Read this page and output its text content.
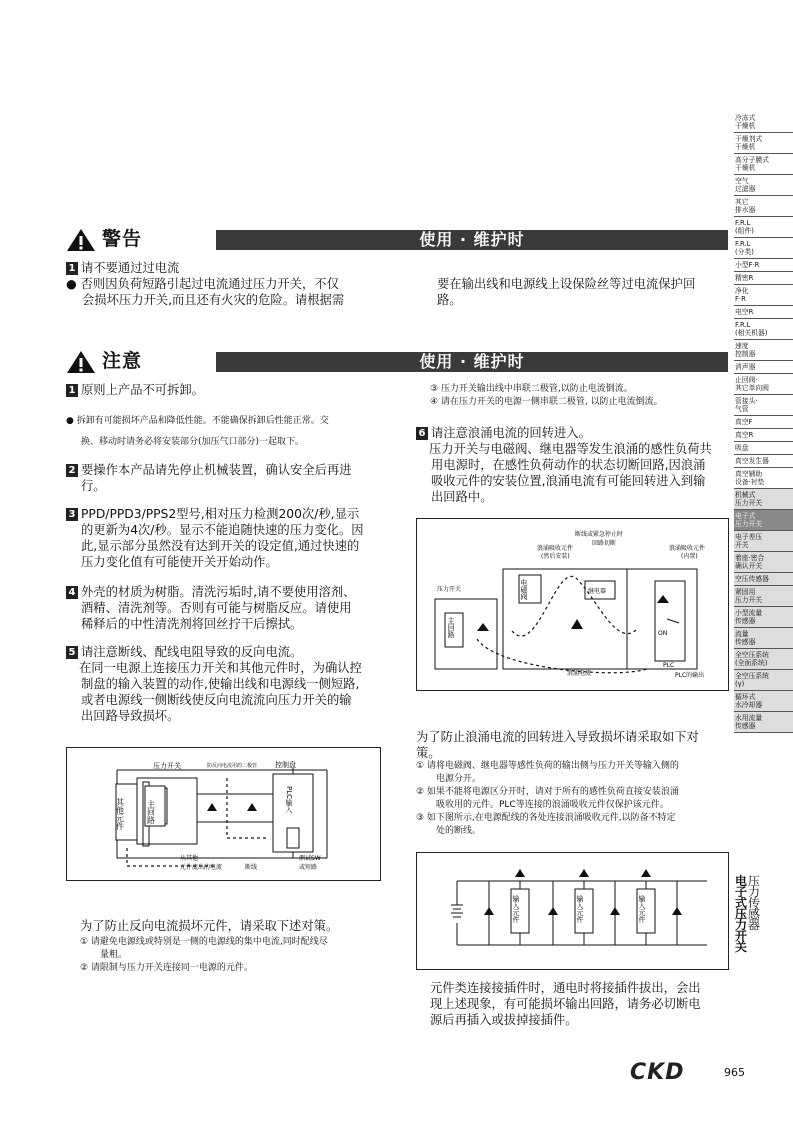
警告	使用 · 维护时
1 请不要通过过电流
● 否则因负荷短路引起过电流通过压力开关，不仅
会损坏压力开关,而且还有火灾的危险。请根据需
要在输出线和电源线上设保险丝等过电流保护回
路。
注意	使用 · 维护时
1 原则上产品不可拆卸。
● 拆卸有可能损坏产品和降低性能。不能确保拆卸后性能正常。交
换、移动时请务必将安装部分(加压气口部分)一起取下。
2 要操作本产品请先停止机械装置，确认安全后再进
行。
3 PPD/PPD3/PPS2型号,相对压力检测200次/秒,显示
的更新为4次/秒。显示不能追随快速的压力变化。因
此,显示部分虽然没有达到开关的设定值,通过快速的
压力变化值有可能使开关开始动作。
4 外壳的材质为树脂。清洗污垢时,请不要使用溶剂、
酒精、清洗剂等。否则有可能与树脂反应。请使用
稀释后的中性清洗剂将回丝拧干后擦拭。
5 请注意断线、配线电阻导致的反向电流。
在同一电源上连接压力开关和其他元件时，为确认控
制盘的输入装置的动作,使输出线和电源线一侧短路,
或者电源线一侧断线使反向电流流向压力开关的输
出回路导致损坏。
压力开关	防反向电流用的二极管	控制盘
其他元件	主回路	PLC输入
从其他
元件流出的电流	断线
测试SW
或短路
为了防止反向电流损坏元件，请采取下述对策。
① 请避免电源线或特别是一侧的电源线的集中电流,同时配线尽
量粗。
② 请限制与压力开关连接同一电源的元件。
③ 压力开关输出线中串联二极管,以防止电流倒流。
④ 请在压力开关的电源一侧串联二极管, 以防止电流倒流。
6 请注意浪涌电流的回转进入。
压力开关与电磁阀、继电器等发生浪涌的感性负荷共
用电源时，在感性负荷动作的状态切断回路,因浪涌
吸收元件的安装位置,浪涌电流有可能回转进入到输
出回路中。
断线或紧急停止时
回路切断
浪涌吸收元件
(然后安装)
浪涌吸收元件
(内置)
压力开关	电磁阀	继电器
主回路	ON
PLC
浪涌电流	PLC的输出
为了防止浪涌电流的回转进入导致损坏请采取如下对
策。
① 请将电磁阀、继电器等感性负荷的输出侧与压力开关等输入侧的
电源分开。
② 如果不能将电源区分开时，请对于所有的感性负荷直接安装浪涌
吸收用的元件。PLC等连接的浪涌吸收元件仅保护该元件。
③ 如下图所示,在电源配线的各处连接浪涌吸收元件,以防备不特定
处的断线。
输入元件	输入元件	输入元件
元件类连接接插件时，通电时将接插件拔出，会出
现上述现象，有可能损坏输出回路，请务必切断电
源后再插入或拔掉接插件。
冷冻式
干燥机
干燥剂式
干燥机
高分子膜式
干燥机
空气
过滤器
其它
排水器
F.R.L
(组件)
F.R.L
(分类)
小型F·R
精密R
净化
F·R
电空R
F.R.L
(相关机器)
速度
控制器
消声器
止回阀·
其它单向阀
管接头·
气管
真空F
真空R
吸盘
真空发生器
真空辅助
设备·衬垫
机械式
压力开关
电子式
压力开关
电子差压
开关
着座·密合
确认开关
空压传感器
紧固用
压力开关
小型流量
传感器
流量
传感器
全空压系统
(全面系统)
全空压系统
(γ)
循环式
水冷却器
水用流量
传感器
电子式压力开关
压力传感器
CKD	965
